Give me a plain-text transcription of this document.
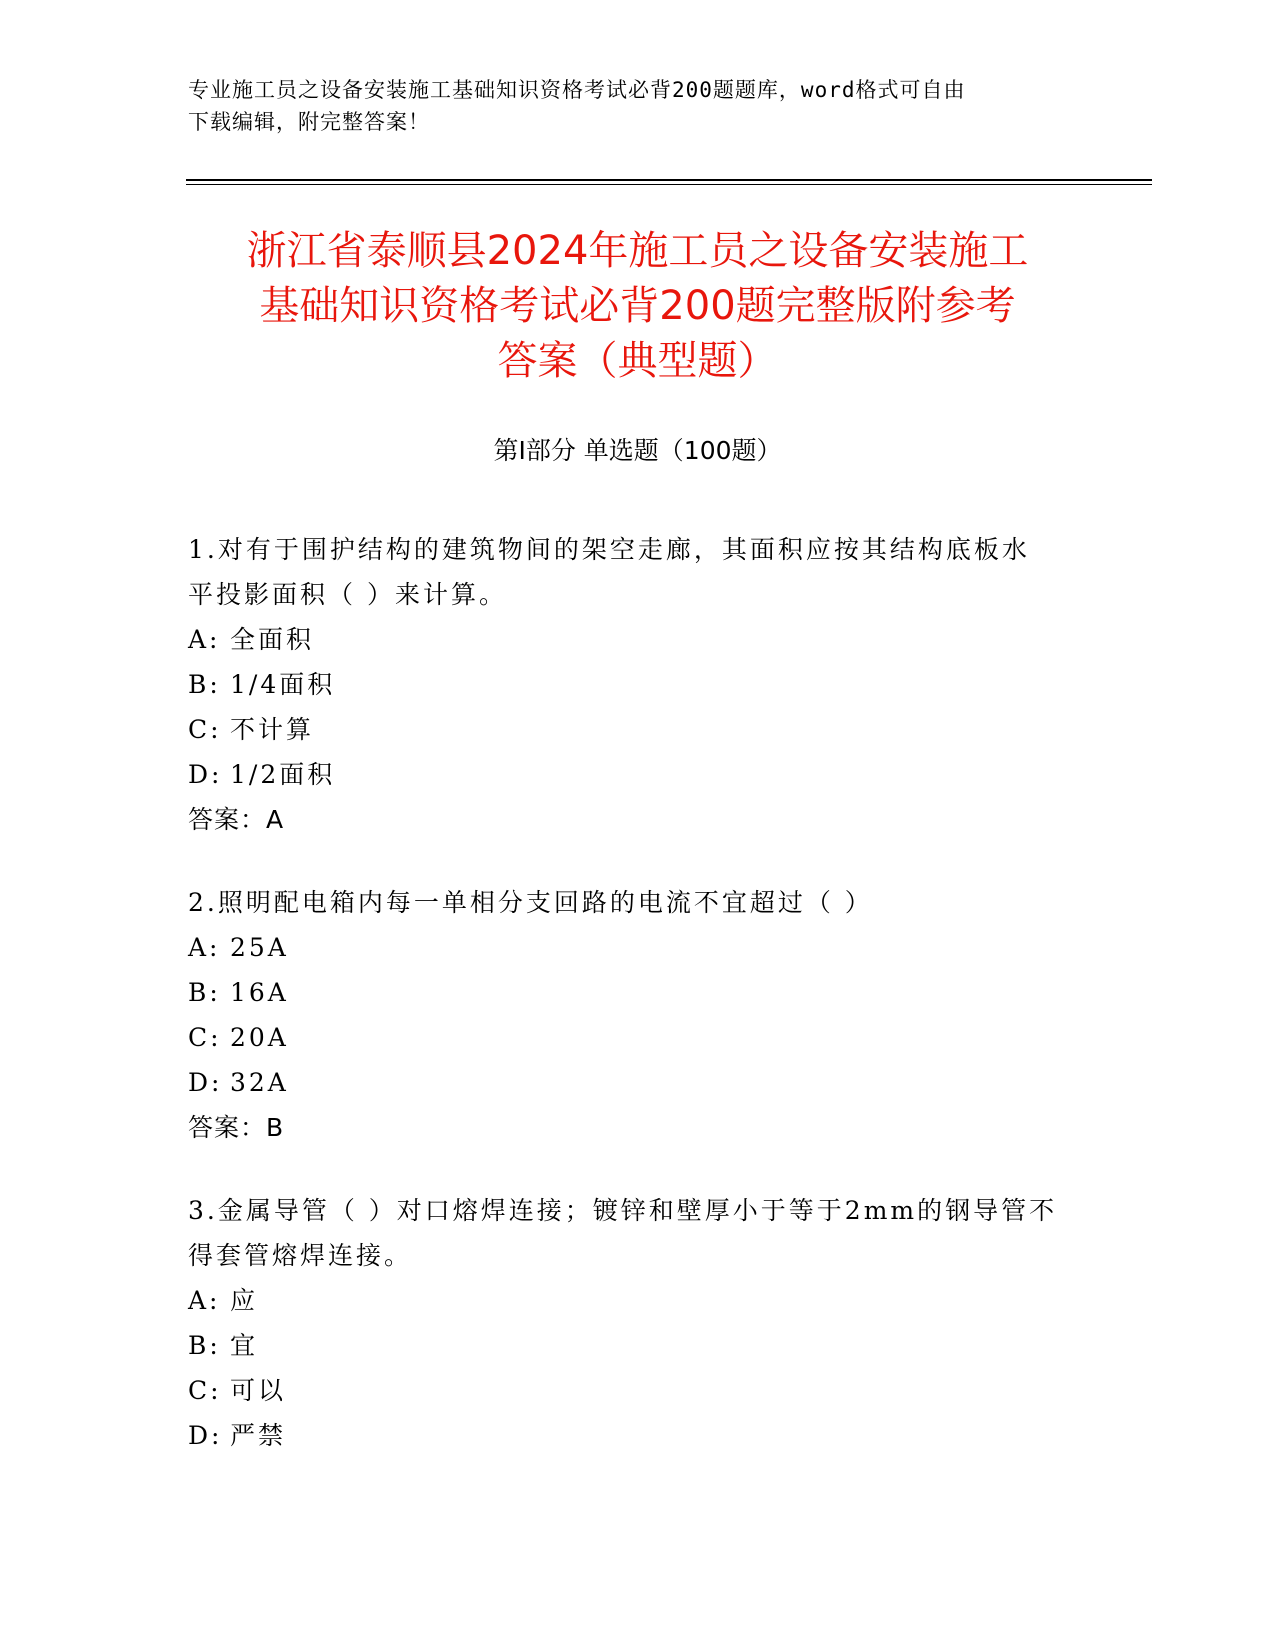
专业施工员之设备安装施工基础知识资格考试必背200题题库，word格式可自由
下载编辑，附完整答案！
浙江省泰顺县2024年施工员之设备安装施工
基础知识资格考试必背200题完整版附参考
答案（典型题）
第I部分 单选题（100题）
1.对有于围护结构的建筑物间的架空走廊，其面积应按其结构底板水
平投影面积（ ）来计算。
A: 全面积
B: 1/4面积
C: 不计算
D: 1/2面积
答案：A
2.照明配电箱内每一单相分支回路的电流不宜超过（ ）
A: 25A
B: 16A
C: 20A
D: 32A
答案：B
3.金属导管（ ）对口熔焊连接；镀锌和壁厚小于等于2mm的钢导管不
得套管熔焊连接。
A: 应
B: 宜
C: 可以
D: 严禁
